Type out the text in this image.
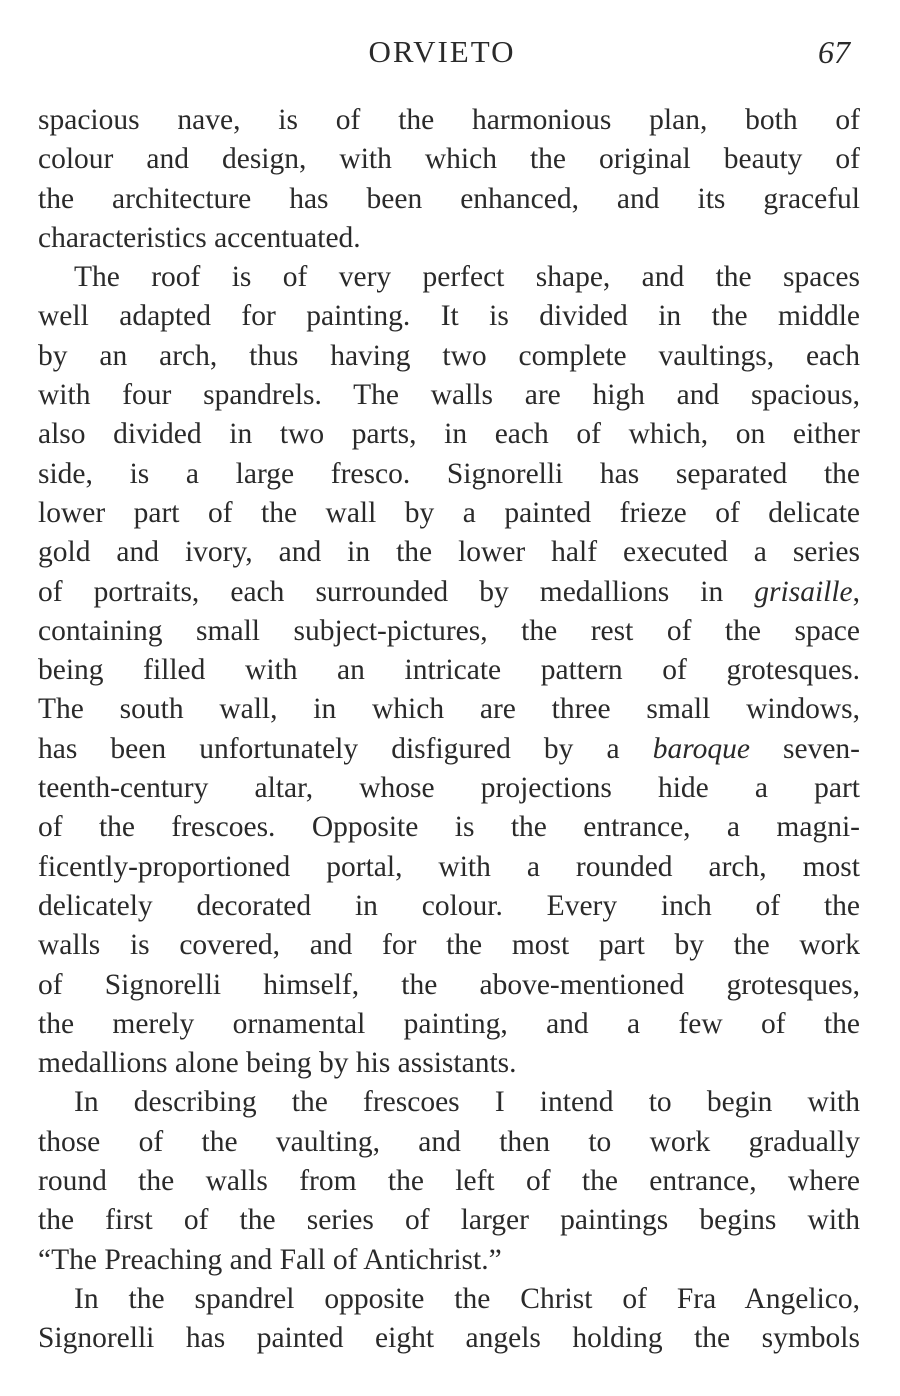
ORVIETO	67
spacious nave, is of the harmonious plan, both of
colour and design, with which the original beauty of
the architecture has been enhanced, and its graceful
characteristics accentuated.
The roof is of very perfect shape, and the spaces
well adapted for painting. It is divided in the middle
by an arch, thus having two complete vaultings, each
with four spandrels. The walls are high and spacious,
also divided in two parts, in each of which, on either
side, is a large fresco. Signorelli has separated the
lower part of the wall by a painted frieze of delicate
gold and ivory, and in the lower half executed a series
of portraits, each surrounded by medallions in grisaille,
containing small subject-pictures, the rest of the space
being filled with an intricate pattern of grotesques.
The south wall, in which are three small windows,
has been unfortunately disfigured by a baroque seven-
teenth-century altar, whose projections hide a part
of the frescoes. Opposite is the entrance, a magni-
ficently-proportioned portal, with a rounded arch, most
delicately decorated in colour. Every inch of the
walls is covered, and for the most part by the work
of Signorelli himself, the above-mentioned grotesques,
the merely ornamental painting, and a few of the
medallions alone being by his assistants.
In describing the frescoes I intend to begin with
those of the vaulting, and then to work gradually
round the walls from the left of the entrance, where
the first of the series of larger paintings begins with
“The Preaching and Fall of Antichrist.”
In the spandrel opposite the Christ of Fra Angelico,
Signorelli has painted eight angels holding the symbols
